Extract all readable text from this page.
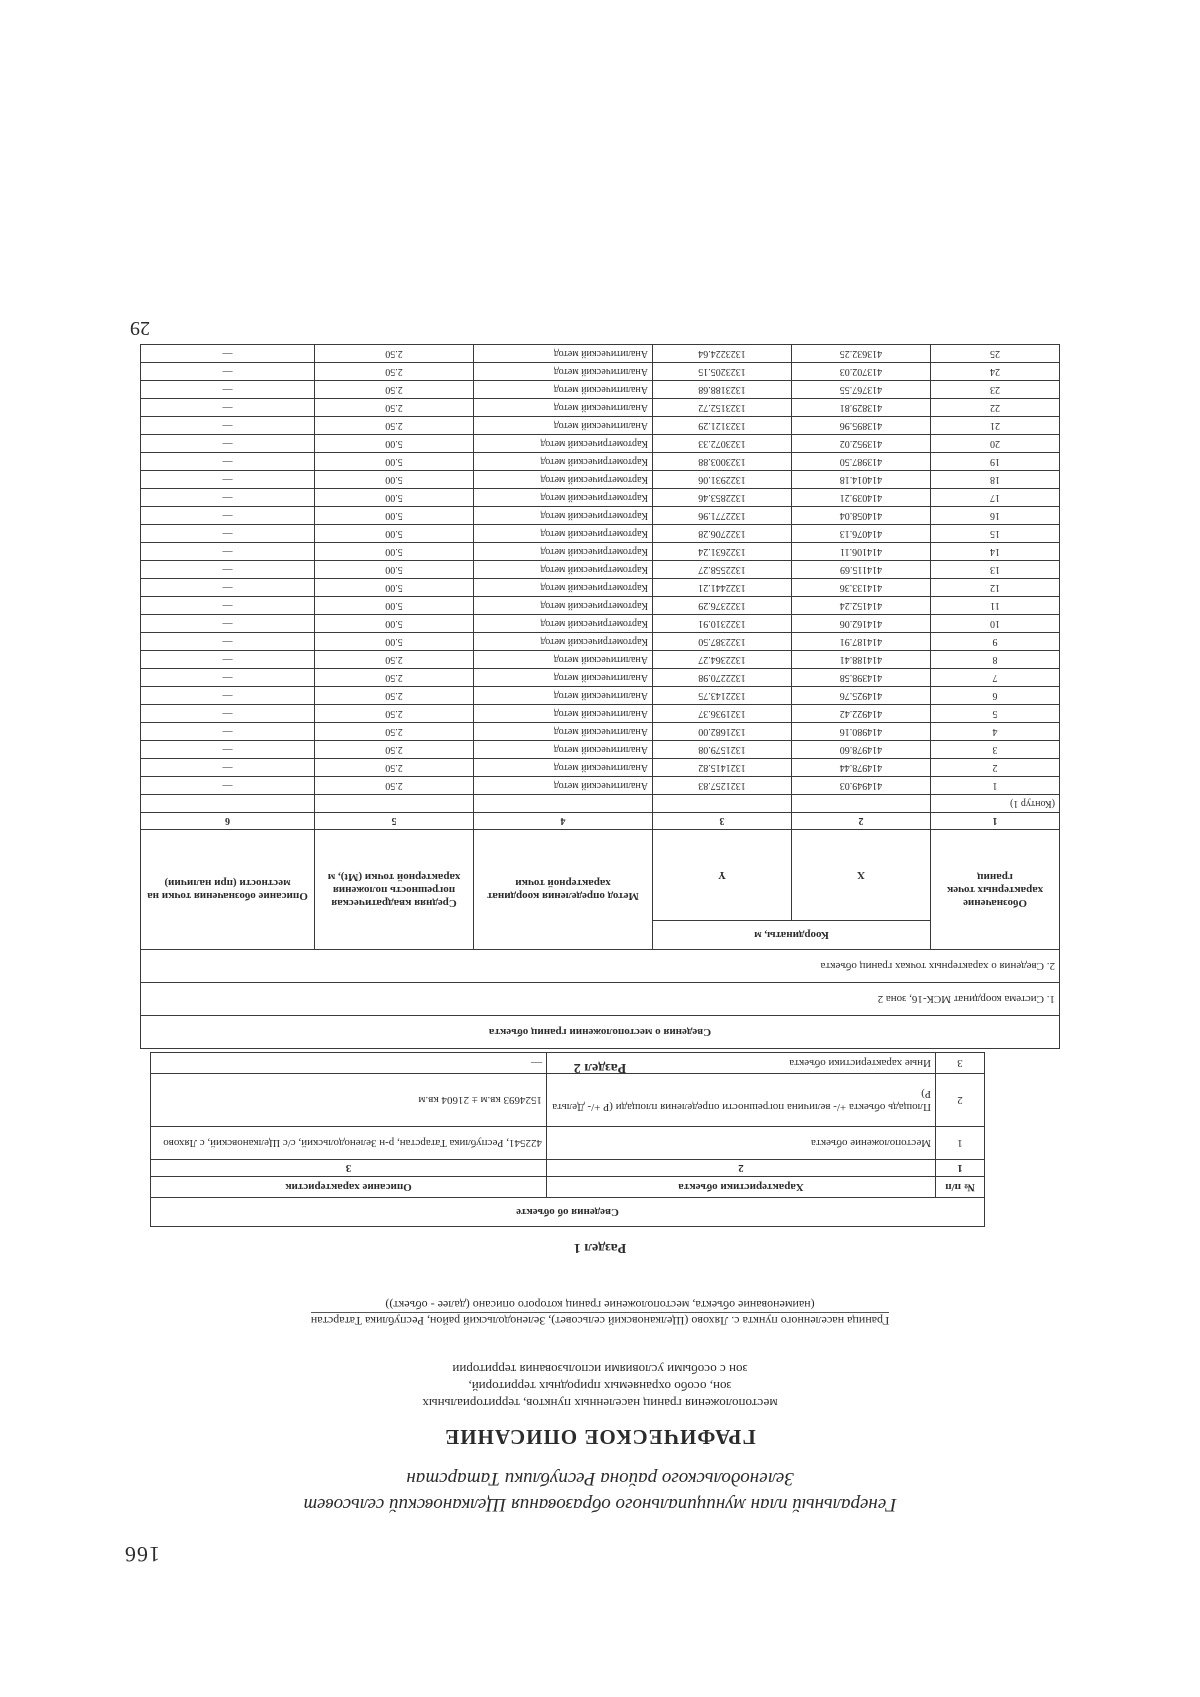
166
Генеральный план муниципального образования Щелкановский сельсовет
Зеленодольского района Республики Татарстан
ГРАФИЧЕСКОЕ ОПИСАНИЕ
местоположения границ населенных пунктов, территориальных
зон, особо охраняемых природных территорий,
зон с особыми условиями использования территории
Граница населенного пункта с. Ляхово (Щелкановский сельсовет), Зеленодольский район, Республика Татарстан
(наименование объекта, местоположение границ которого описано (далее - объект))
Раздел 1
Сведения об объекте		
№ п/п	Характеристики объекта	Описание характеристик
1	2	3
1	Местоположение объекта	422541, Республика Татарстан, р-н Зеленодольский, с/с Щелкановский, с Ляхово
2	Площадь объекта +/- величина погрешности определения площади (Р +/- Дельта Р)	1524693 кв.м ± 21604 кв.м
3	Иные характеристики объекта	—	Раздел 2
Сведения о местоположении границ объекта					
1. Система координат МСК-16, зона 2					
2. Сведения о характерных точках границ объекта					
Обозначение характерных точек границ	Координаты, м		Метод определения координат характерной точки	Средняя квадратическая погрешность положения характерной точки (Mt), м	Описание обозначения точки на местности (при наличии)
	X	Y			
1	2	3	4	5	6
(Контур 1)					
1	414949.03	1321257.83	Аналитический метод	2.50	—
2	414978.44	1321415.82	Аналитический метод	2.50	—
3	414978.60	1321579.08	Аналитический метод	2.50	—
4	414980.16	1321682.00	Аналитический метод	2.50	—
5	414922.42	1321936.37	Аналитический метод	2.50	—
6	414925.76	1322143.75	Аналитический метод	2.50	—
7	414398.58	1322270.98	Аналитический метод	2.50	—
8	414188.41	1322364.27	Аналитический метод	2.50	—
9	414187.91	1322387.50	Картометрический метод	5.00	—
10	414162.06	1322310.91	Картометрический метод	5.00	—
11	414152.24	1322376.29	Картометрический метод	5.00	—
12	414133.36	1322441.21	Картометрический метод	5.00	—
13	414115.69	1322558.27	Картометрический метод	5.00	—
14	414106.11	1322631.24	Картометрический метод	5.00	—
15	414076.13	1322706.28	Картометрический метод	5.00	—
16	414058.04	1322771.96	Картометрический метод	5.00	—
17	414039.21	1322853.46	Картометрический метод	5.00	—
18	414014.18	1322931.06	Картометрический метод	5.00	—
19	413987.50	1323003.88	Картометрический метод	5.00	—
20	413952.02	1323072.33	Картометрический метод	5.00	—
21	413895.96	1323121.29	Аналитический метод	2.50	—
22	413829.81	1323152.72	Аналитический метод	2.50	—
23	413767.55	1323188.68	Аналитический метод	2.50	—
24	413702.03	1323205.15	Аналитический метод	2.50	—
25	413632.25	1323224.64	Аналитический метод	2.50	—
29
